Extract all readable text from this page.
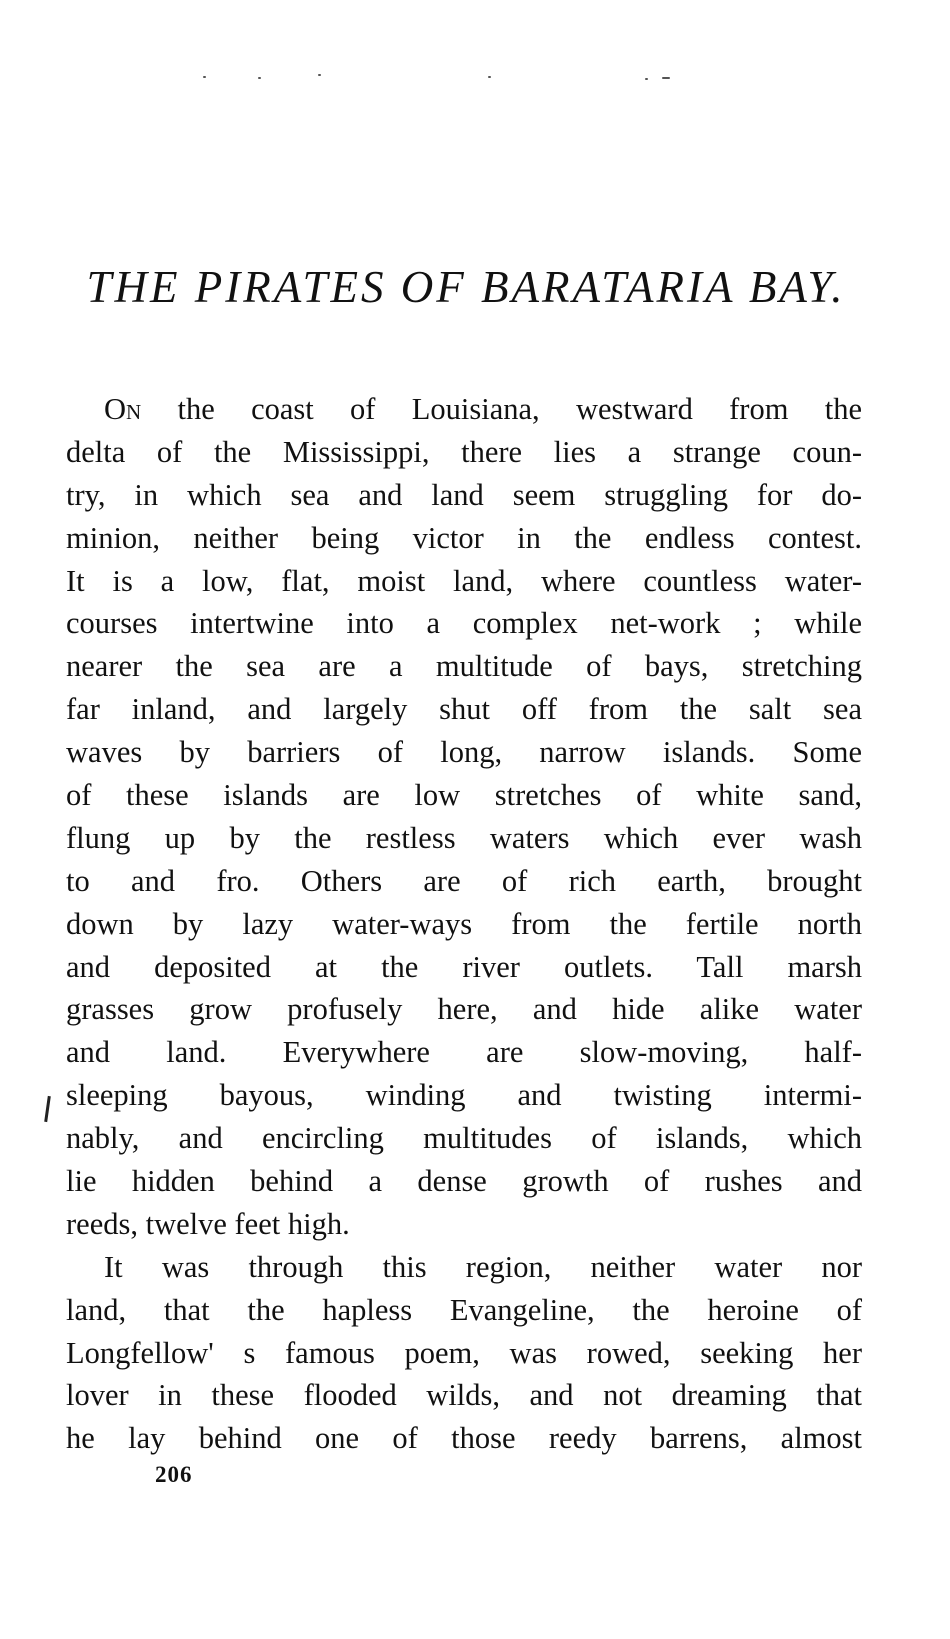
THE PIRATES OF BARATARIA BAY.
On the coast of Louisiana, westward from the
delta of the Mississippi, there lies a strange coun-
try, in which sea and land seem struggling for do-
minion, neither being victor in the endless contest.
It is a low, flat, moist land, where countless water-
courses intertwine into a complex net-work ; while
nearer the sea are a multitude of bays, stretching
far inland, and largely shut off from the salt sea
waves by barriers of long, narrow islands. Some
of these islands are low stretches of white sand,
flung up by the restless waters which ever wash
to and fro. Others are of rich earth, brought
down by lazy water-ways from the fertile north
and deposited at the river outlets. Tall marsh
grasses grow profusely here, and hide alike water
and land. Everywhere are slow-moving, half-
sleeping bayous, winding and twisting intermi-
nably, and encircling multitudes of islands, which
lie hidden behind a dense growth of rushes and
reeds, twelve feet high.
It was through this region, neither water nor
land, that the hapless Evangeline, the heroine of
Longfellow' s famous poem, was rowed, seeking her
lover in these flooded wilds, and not dreaming that
he lay behind one of those reedy barrens, almost
206
